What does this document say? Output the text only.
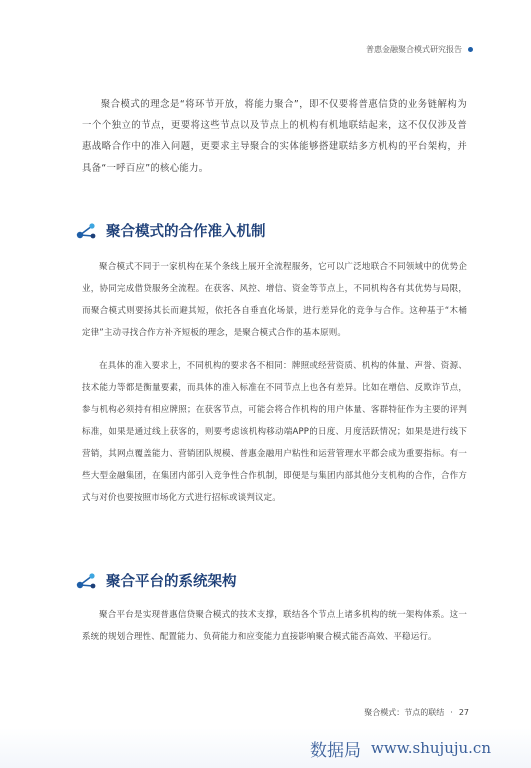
普惠金融聚合模式研究报告

聚合模式的理念是“将环节开放，将能力聚合”，即不仅要将普惠信贷的业务链解构为一个个独立的节点，更要将这些节点以及节点上的机构有机地联结起来，这不仅仅涉及普惠战略合作中的准入问题，更要求主导聚合的实体能够搭建联结多方机构的平台架构，并具备“一呼百应”的核心能力。

聚合模式的合作准入机制

聚合模式不同于一家机构在某个条线上展开全流程服务，它可以广泛地联合不同领域中的优势企业，协同完成借贷服务全流程。在获客、风控、增信、资金等节点上，不同机构各有其优势与局限，而聚合模式则要扬其长而避其短，依托各自垂直化场景，进行差异化的竞争与合作。这种基于“木桶定律”主动寻找合作方补齐短板的理念，是聚合模式合作的基本原则。

在具体的准入要求上，不同机构的要求各不相同：牌照或经营资质、机构的体量、声誉、资源、技术能力等都是衡量要素，而具体的准入标准在不同节点上也各有差异。比如在增信、反欺诈节点，参与机构必须持有相应牌照；在获客节点，可能会将合作机构的用户体量、客群特征作为主要的评判标准，如果是通过线上获客的，则要考虑该机构移动端APP的日度、月度活跃情况；如果是进行线下营销，其网点覆盖能力、营销团队规模、普惠金融用户粘性和运营管理水平都会成为重要指标。有一些大型金融集团，在集团内部引入竞争性合作机制，即便是与集团内部其他分支机构的合作，合作方式与对价也要按照市场化方式进行招标或谈判议定。

聚合平台的系统架构

聚合平台是实现普惠信贷聚合模式的技术支撑，联结各个节点上诸多机构的统一架构体系。这一系统的规划合理性、配置能力、负荷能力和应变能力直接影响聚合模式能否高效、平稳运行。

聚合模式：节点的联结 · 27
数据局 www.shujuju.cn
